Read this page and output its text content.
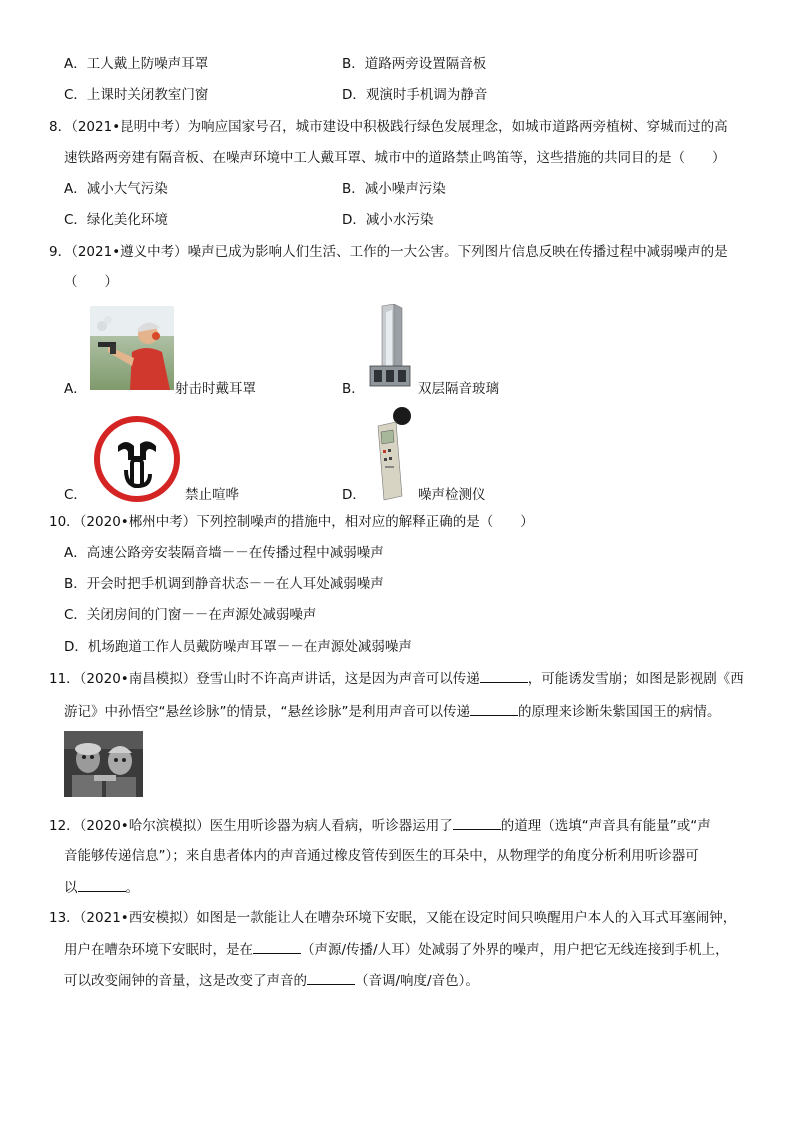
A．工人戴上防噪声耳罩	B．道路两旁设置隔音板
C．上课时关闭教室门窗	D．观演时手机调为静音
8．（2021•昆明中考）为响应国家号召，城市建设中积极践行绿色发展理念，如城市道路两旁植树、穿城而过的高
速铁路两旁建有隔音板、在噪声环境中工人戴耳罩、城市中的道路禁止鸣笛等，这些措施的共同目的是（　　）
A．减小大气污染	B．减小噪声污染
C．绿化美化环境	D．减小水污染
9．（2021•遵义中考）噪声已成为影响人们生活、工作的一大公害。下列图片信息反映在传播过程中减弱噪声的是
（　　）
A．	射击时戴耳罩	B．	双层隔音玻璃
C．	禁止喧哗	D．	噪声检测仪
10．（2020•郴州中考）下列控制噪声的措施中，相对应的解释正确的是（　　）
A．高速公路旁安装隔音墙－－在传播过程中减弱噪声
B．开会时把手机调到静音状态－－在人耳处减弱噪声
C．关闭房间的门窗－－在声源处减弱噪声
D．机场跑道工作人员戴防噪声耳罩－－在声源处减弱噪声
11．（2020•南昌模拟）登雪山时不许高声讲话，这是因为声音可以传递	，可能诱发雪崩；如图是影视剧《西
游记》中孙悟空“悬丝诊脉”的情景，“悬丝诊脉”是利用声音可以传递	的原理来诊断朱紫国国王的病情。
12．（2020•哈尔滨模拟）医生用听诊器为病人看病，听诊器运用了	的道理（选填“声音具有能量”或“声
音能够传递信息”）；来自患者体内的声音通过橡皮管传到医生的耳朵中，从物理学的角度分析利用听诊器可
以	。
13．（2021•西安模拟）如图是一款能让人在嘈杂环境下安眠，又能在设定时间只唤醒用户本人的入耳式耳塞闹钟，
用户在嘈杂环境下安眠时，是在	（声源/传播/人耳）处减弱了外界的噪声，用户把它无线连接到手机上，
可以改变闹钟的音量，这是改变了声音的	（音调/响度/音色）。
